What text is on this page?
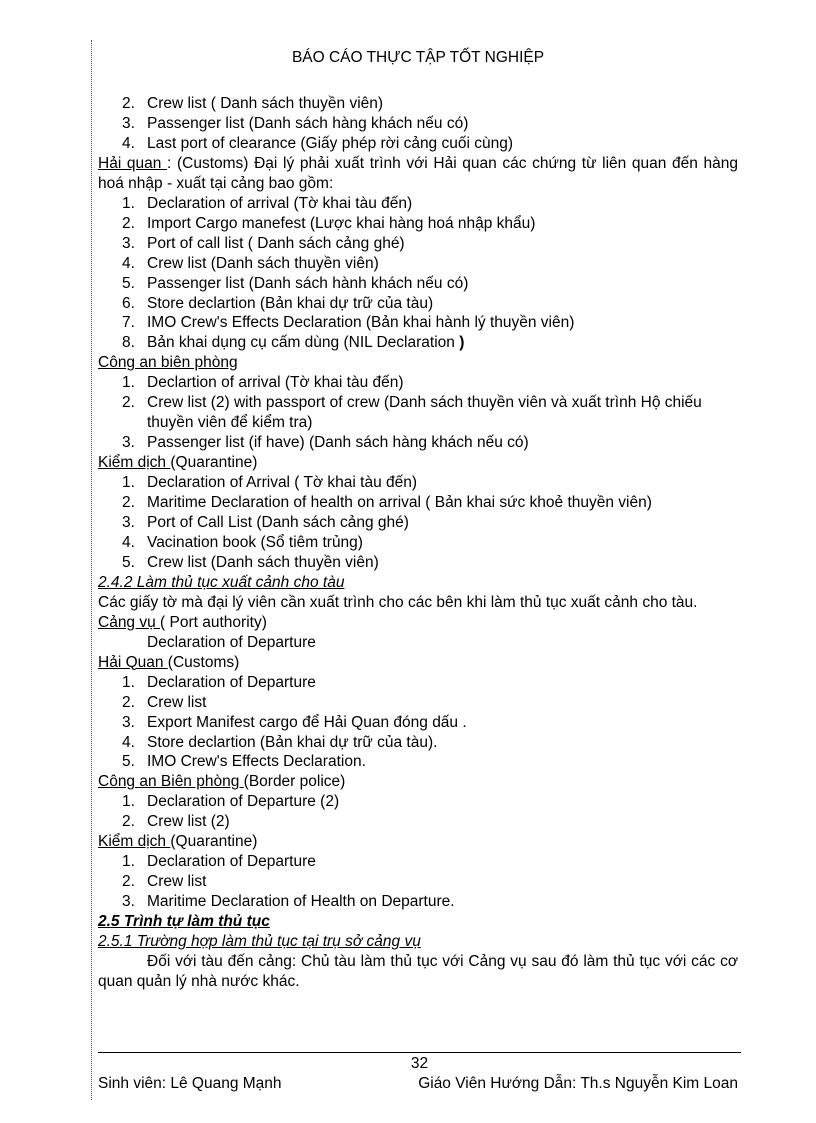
BÁO CÁO THỰC TẬP TỐT NGHIỆP
2. Crew list ( Danh sách thuyền viên)
3. Passenger list (Danh sách hàng khách nếu có)
4. Last port of clearance (Giấy phép rời cảng cuối cùng)
Hải quan : (Customs) Đại lý phải xuất trình với Hải quan các chứng từ liên quan đến hàng hoá nhập - xuất tại cảng bao gồm:
1. Declaration of arrival (Tờ khai tàu đến)
2. Import Cargo manefest (Lược khai hàng hoá nhập khẩu)
3. Port of call list ( Danh sách cảng ghé)
4. Crew list (Danh sách thuyền viên)
5. Passenger list (Danh sách hành khách nếu có)
6. Store declartion (Bản khai dự trữ của tàu)
7. IMO Crew's Effects Declaration (Bản khai hành lý thuyền viên)
8. Bản khai dụng cụ cấm dùng (NIL Declaration )
Công an biên phòng
1. Declartion of arrival (Tờ khai tàu đến)
2. Crew list (2) with passport of crew (Danh sách thuyền viên và xuất trình Hộ chiếu thuyền viên để kiểm tra)
3. Passenger list (if have) (Danh sách hàng khách nếu có)
Kiểm dịch (Quarantine)
1. Declaration of Arrival ( Tờ khai tàu đến)
2. Maritime Declaration of health on arrival ( Bản khai sức khoẻ thuyền viên)
3. Port of Call List (Danh sách cảng ghé)
4. Vacination book (Sổ tiêm trủng)
5. Crew list (Danh sách thuyền viên)
2.4.2 Làm thủ tục xuất cảnh cho tàu
Các giấy tờ mà đại lý viên cần xuất trình cho các bên khi làm thủ tục xuất cảnh cho tàu.
Cảng vụ ( Port authority)
Declaration of Departure
Hải Quan (Customs)
1. Declaration of Departure
2. Crew list
3. Export Manifest cargo để Hải Quan đóng dấu .
4. Store declartion (Bản khai dự trữ của tàu).
5. IMO Crew's Effects Declaration.
Công an Biên phòng (Border police)
1. Declaration of Departure (2)
2. Crew list (2)
Kiểm dịch (Quarantine)
1. Declaration of Departure
2. Crew list
3. Maritime Declaration of Health on Departure.
2.5 Trình tự làm thủ tục
2.5.1 Trường hợp làm thủ tục tại trụ sở cảng vụ
Đối với tàu đến cảng: Chủ tàu làm thủ tục với Cảng vụ sau đó làm thủ tục với các cơ quan quản lý nhà nước khác.
32
Sinh viên: Lê Quang Mạnh	Giáo Viên Hướng Dẫn: Th.s Nguyễn Kim Loan
